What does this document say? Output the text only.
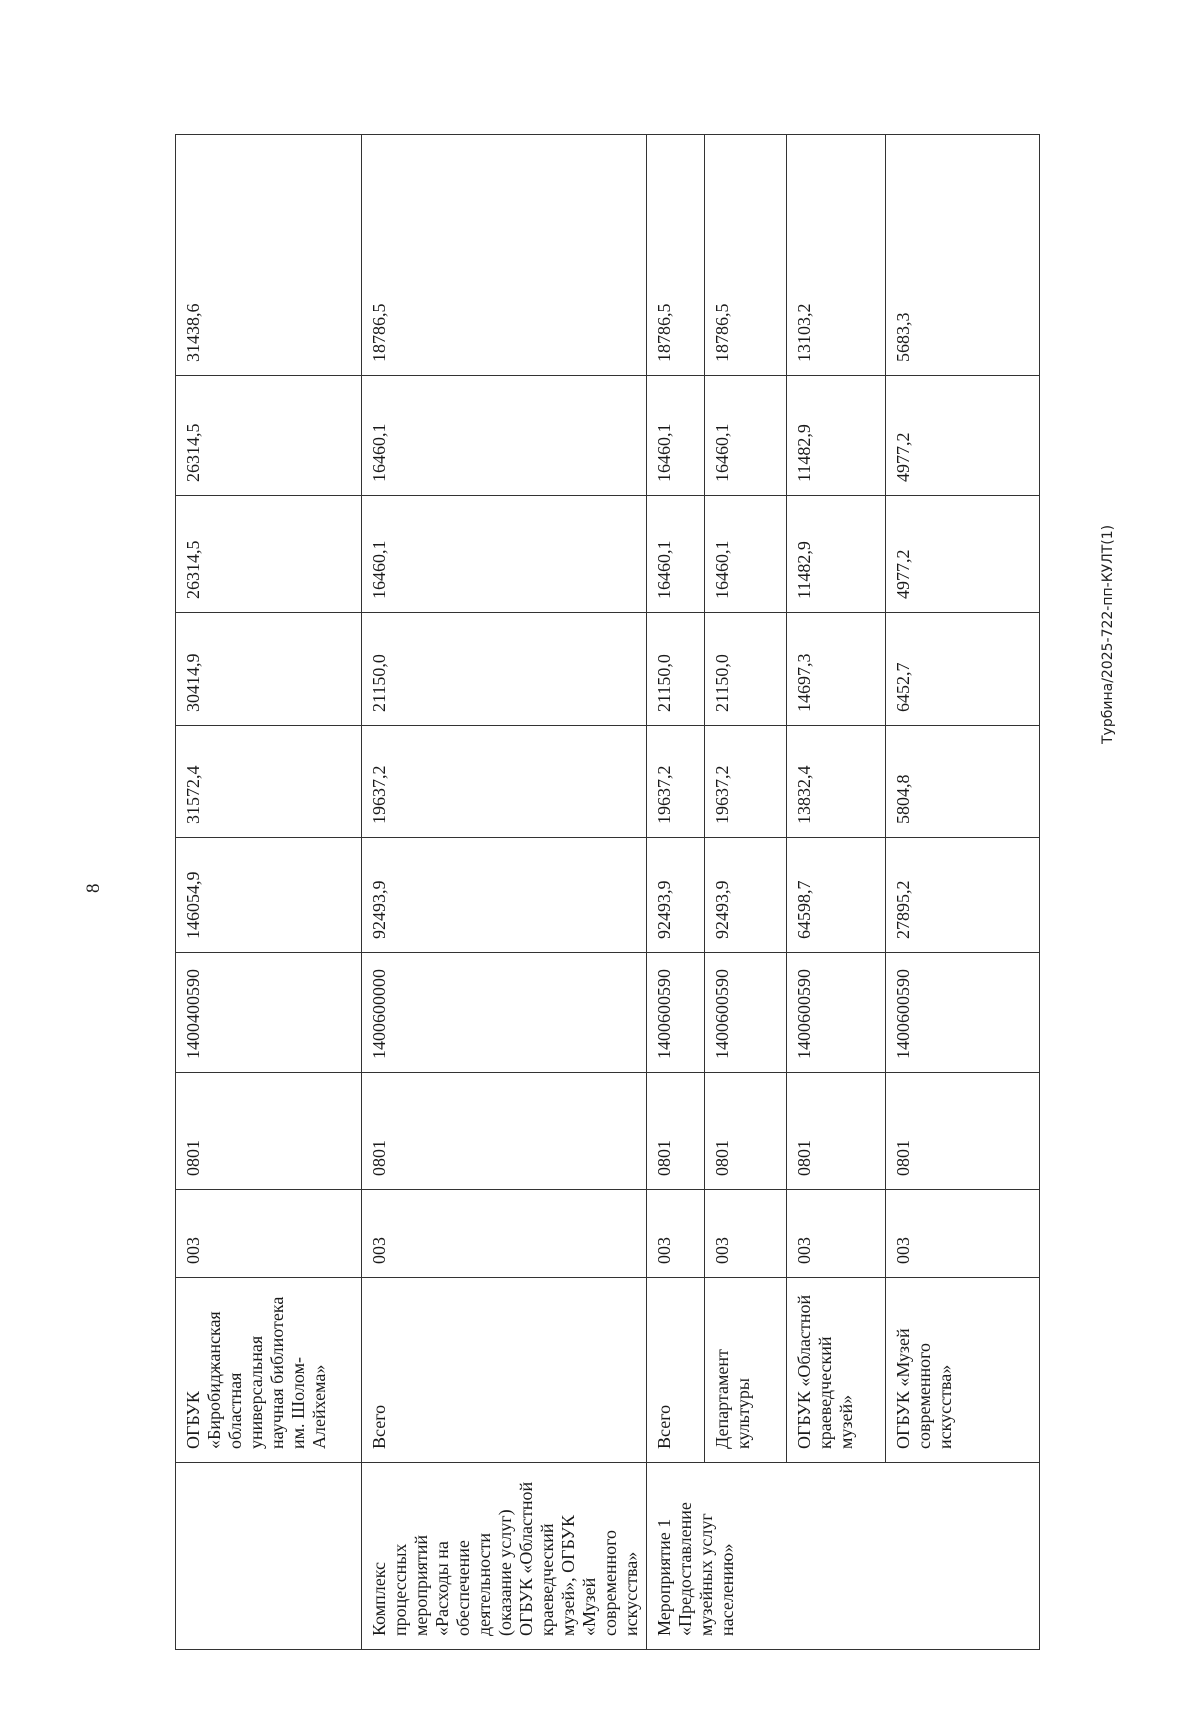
8
Турбина/2025-722-пп-КУЛТ(1)
	ОГБУК «Биробиджанская областная универсальная научная библиотека им. Шолом-Алейхема»	003	0801	1400400590	146054,9	31572,4	30414,9	26314,5	26314,5	31438,6
Комплекс процессных мероприятий «Расходы на обеспечение деятельности (оказание услуг) ОГБУК «Областной краеведческий музей», ОГБУК «Музей современного искусства»	Всего	003	0801	1400600000	92493,9	19637,2	21150,0	16460,1	16460,1	18786,5
Мероприятие 1 «Предоставление музейных услуг населению»	Всего	003	0801	1400600590	92493,9	19637,2	21150,0	16460,1	16460,1	18786,5
	Департамент культуры	003	0801	1400600590	92493,9	19637,2	21150,0	16460,1	16460,1	18786,5
	ОГБУК «Областной краеведческий музей»	003	0801	1400600590	64598,7	13832,4	14697,3	11482,9	11482,9	13103,2
	ОГБУК «Музей современного искусства»	003	0801	1400600590	27895,2	5804,8	6452,7	4977,2	4977,2	5683,3
